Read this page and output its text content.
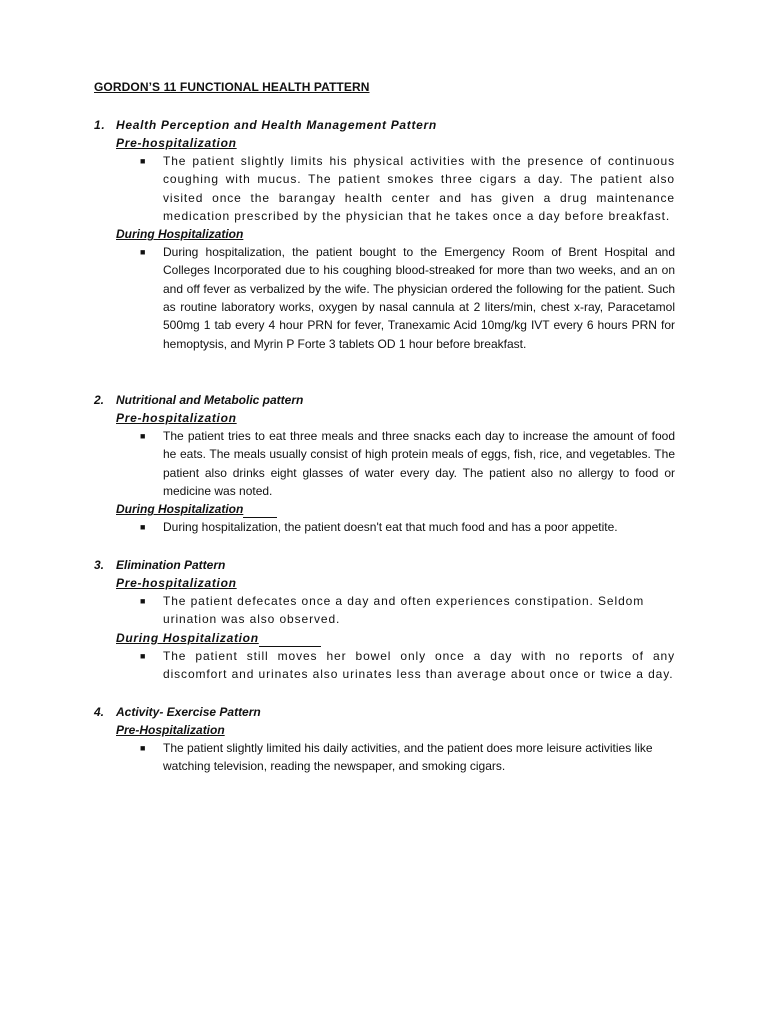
GORDON’S 11 FUNCTIONAL HEALTH PATTERN
1. Health Perception and Health Management Pattern
Pre-hospitalization
■ The patient slightly limits his physical activities with the presence of continuous coughing with mucus. The patient smokes three cigars a day. The patient also visited once the barangay health center and has given a drug maintenance medication prescribed by the physician that he takes once a day before breakfast.
During Hospitalization
■ During hospitalization, the patient bought to the Emergency Room of Brent Hospital and Colleges Incorporated due to his coughing blood-streaked for more than two weeks, and an on and off fever as verbalized by the wife. The physician ordered the following for the patient. Such as routine laboratory works, oxygen by nasal cannula at 2 liters/min, chest x-ray, Paracetamol 500mg 1 tab every 4 hour PRN for fever, Tranexamic Acid 10mg/kg IVT every 6 hours PRN for hemoptysis, and Myrin P Forte 3 tablets OD 1 hour before breakfast.
2. Nutritional and Metabolic pattern
Pre-hospitalization
■ The patient tries to eat three meals and three snacks each day to increase the amount of food he eats. The meals usually consist of high protein meals of eggs, fish, rice, and vegetables. The patient also drinks eight glasses of water every day. The patient also no allergy to food or medicine was noted.
During Hospitalization
■ During hospitalization, the patient doesn't eat that much food and has a poor appetite.
3. Elimination Pattern
Pre-hospitalization
■ The patient defecates once a day and often experiences constipation. Seldom urination was also observed.
During Hospitalization
■ The patient still moves her bowel only once a day with no reports of any discomfort and urinates also urinates less than average about once or twice a day.
4. Activity- Exercise Pattern
Pre-Hospitalization
■ The patient slightly limited his daily activities, and the patient does more leisure activities like watching television, reading the newspaper, and smoking cigars.
